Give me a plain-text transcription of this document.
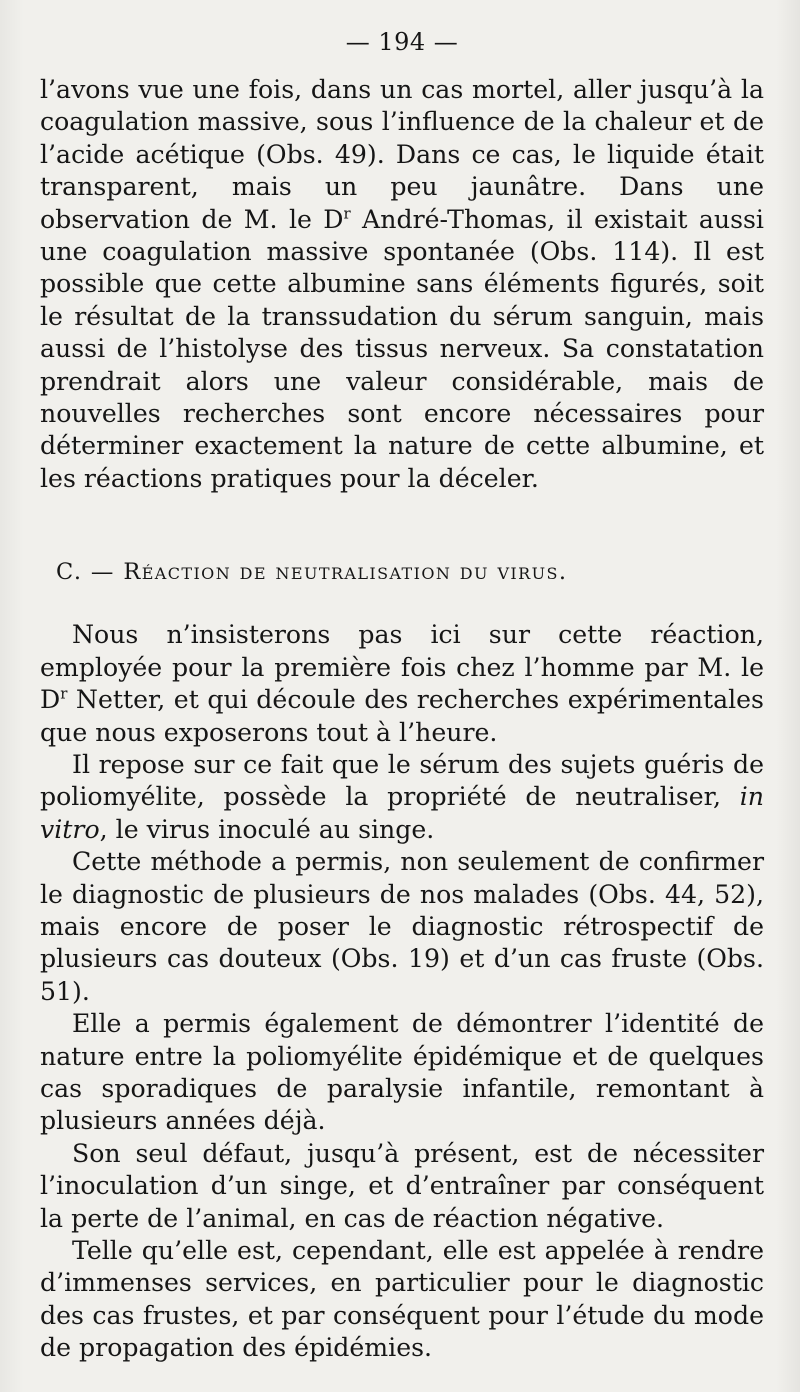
— 194 —

l’avons vue une fois, dans un cas mortel, aller jusqu’à la coagulation massive, sous l’influence de la chaleur et de l’acide acétique (Obs. 49). Dans ce cas, le liquide était transparent, mais un peu jaunâtre. Dans une observation de M. le $D^r$ André-Thomas, il existait aussi une coagulation massive spontanée (Obs. 114). Il est possible que cette albumine sans éléments figurés, soit le résultat de la transsudation du sérum sanguin, mais aussi de l’histolyse des tissus nerveux. Sa constatation prendrait alors une valeur considérable, mais de nouvelles recherches sont encore nécessaires pour déterminer exactement la nature de cette albumine, et les réactions pratiques pour la déceler.

C. — Réaction de neutralisation du virus.

Nous n’insisterons pas ici sur cette réaction, employée pour la première fois chez l’homme par M. le $D^r$ Netter, et qui découle des recherches expérimentales que nous exposerons tout à l’heure.

Il repose sur ce fait que le sérum des sujets guéris de poliomyélite, possède la propriété de neutraliser, in vitro, le virus inoculé au singe.

Cette méthode a permis, non seulement de confirmer le diagnostic de plusieurs de nos malades (Obs. 44, 52), mais encore de poser le diagnostic rétrospectif de plusieurs cas douteux (Obs. 19) et d’un cas fruste (Obs. 51).

Elle a permis également de démontrer l’identité de nature entre la poliomyélite épidémique et de quelques cas sporadiques de paralysie infantile, remontant à plusieurs années déjà.

Son seul défaut, jusqu’à présent, est de nécessiter l’inoculation d’un singe, et d’entraîner par conséquent la perte de l’animal, en cas de réaction négative.

Telle qu’elle est, cependant, elle est appelée à rendre d’immenses services, en particulier pour le diagnostic des cas frustes, et par conséquent pour l’étude du mode de propagation des épidémies.
